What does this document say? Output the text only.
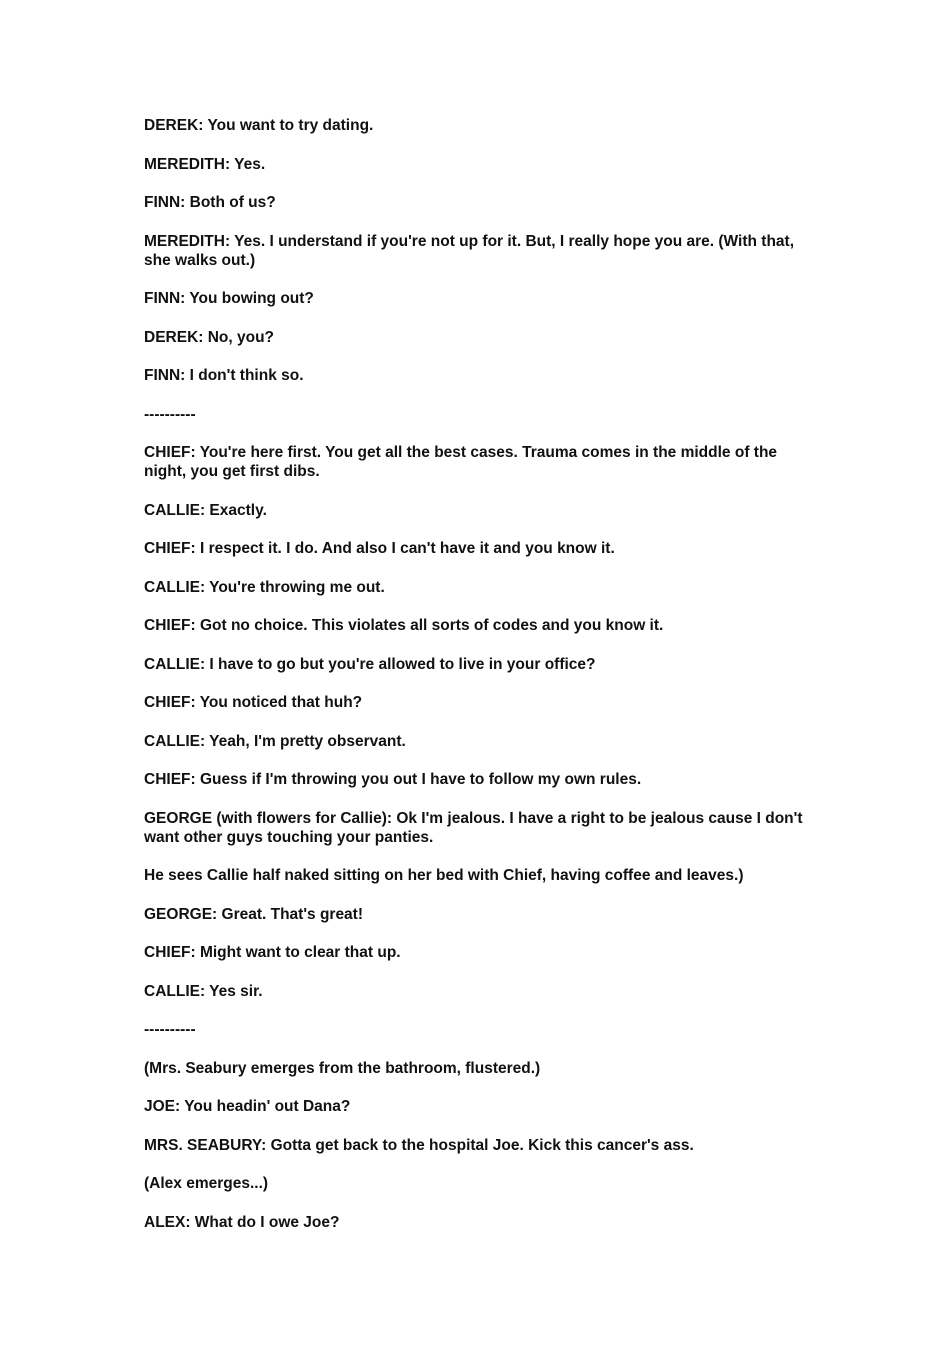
DEREK: You want to try dating.

MEREDITH: Yes.

FINN: Both of us?

MEREDITH: Yes. I understand if you're not up for it. But, I really hope you are. (With that, she walks out.)

FINN: You bowing out?

DEREK: No, you?

FINN: I don't think so.

----------

CHIEF: You're here first. You get all the best cases. Trauma comes in the middle of the night, you get first dibs.

CALLIE: Exactly.

CHIEF: I respect it. I do. And also I can't have it and you know it.

CALLIE: You're throwing me out.

CHIEF: Got no choice. This violates all sorts of codes and you know it.

CALLIE: I have to go but you're allowed to live in your office?

CHIEF: You noticed that huh?

CALLIE: Yeah, I'm pretty observant.

CHIEF: Guess if I'm throwing you out I have to follow my own rules.

GEORGE (with flowers for Callie): Ok I'm jealous. I have a right to be jealous cause I don't want other guys touching your panties.

He sees Callie half naked sitting on her bed with Chief, having coffee and leaves.)

GEORGE: Great. That's great!

CHIEF: Might want to clear that up.

CALLIE: Yes sir.

----------

(Mrs. Seabury emerges from the bathroom, flustered.)

JOE: You headin' out Dana?

MRS. SEABURY: Gotta get back to the hospital Joe. Kick this cancer's ass.

(Alex emerges...)

ALEX: What do I owe Joe?
